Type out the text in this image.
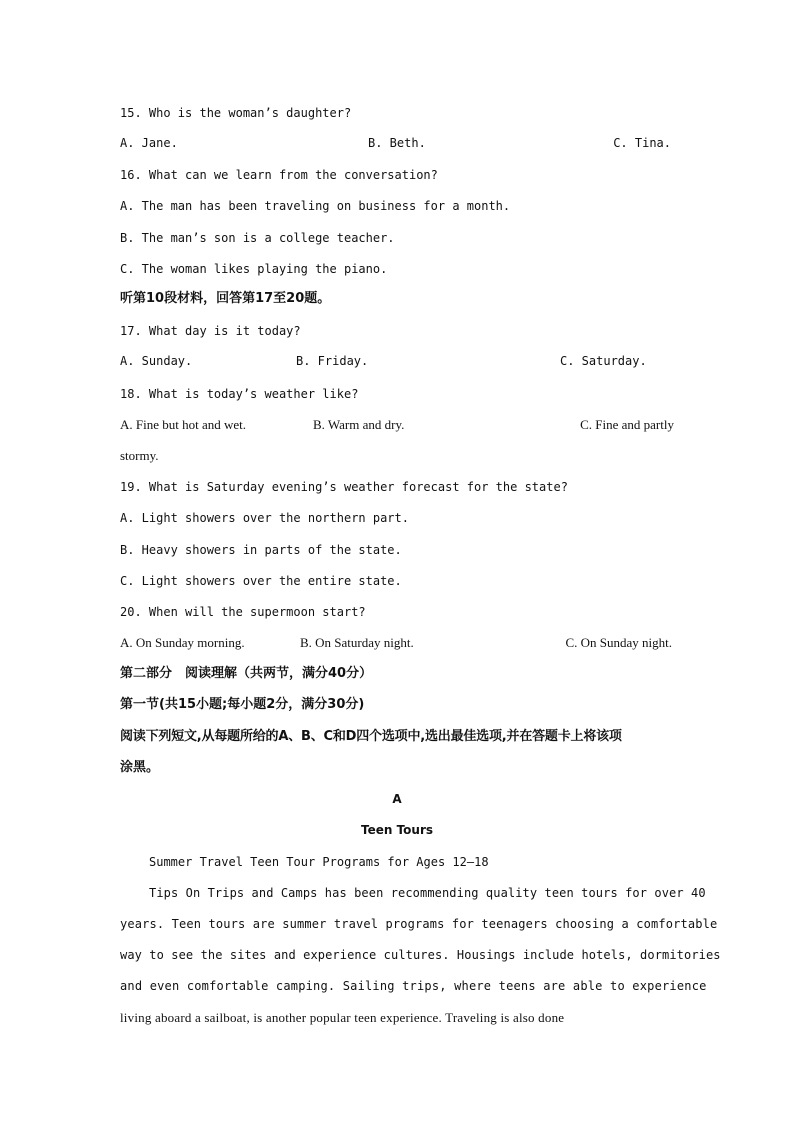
15. Who is the woman’s daughter?
A. Jane.	B. Beth.	C. Tina.
16. What can we learn from the conversation?
A. The man has been traveling on business for a month.
B. The man’s son is a college teacher.
C. The woman likes playing the piano.
听第10段材料，回答第17至20题。
17. What day is it today?
A. Sunday.	B. Friday.	C. Saturday.
18. What is today’s weather like?
A. Fine but hot and wet.	B. Warm and dry.	C. Fine and partly
stormy.
19. What is Saturday evening’s weather forecast for the state?
A. Light showers over the northern part.
B. Heavy showers in parts of the state.
C. Light showers over the entire state.
20. When will the supermoon start?
A. On Sunday morning.	B. On Saturday night.	C. On Sunday night.
第二部分　阅读理解（共两节，满分40分）
第一节(共15小题;每小题2分，满分30分)
阅读下列短文,从每题所给的A、B、C和D四个选项中,选出最佳选项,并在答题卡上将该项
涂黑。
A
Teen Tours
Summer Travel Teen Tour Programs for Ages 12—18
Tips On Trips and Camps has been recommending quality teen tours for over 40
years. Teen tours are summer travel programs for teenagers choosing a comfortable
way to see the sites and experience cultures. Housings include hotels, dormitories
and even comfortable camping. Sailing trips, where teens are able to experience
living aboard a sailboat, is another popular teen experience. Traveling is also done
